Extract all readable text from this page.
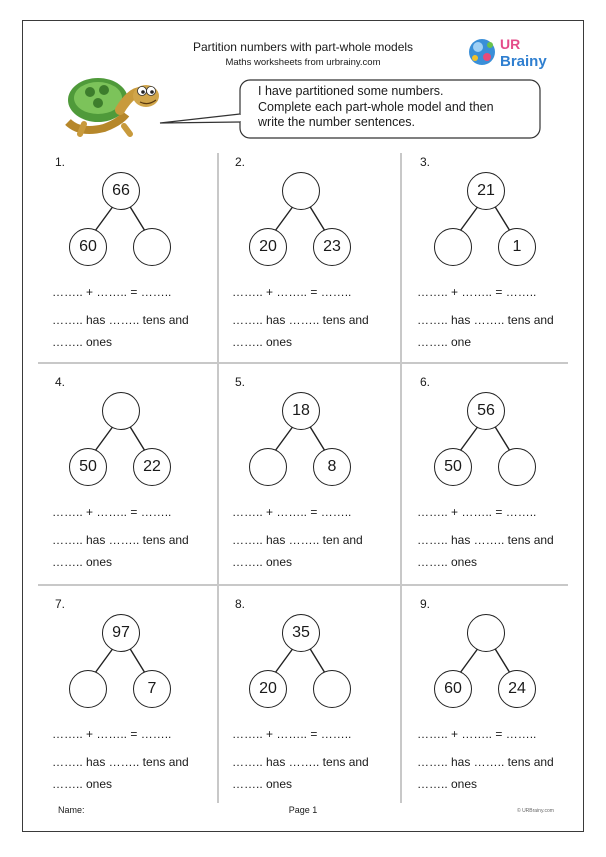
Partition numbers with part-whole models
Maths worksheets from urbrainy.com
UR
Brainy
I have partitioned some numbers.
Complete each part-whole model and then
write the number sentences.
1.
66
60
…….. + …….. = ……..
…….. has …….. tens and
…….. ones
2.
20	23
…….. + …….. = ……..
…….. has …….. tens and
…….. ones
3.
21
1
…….. + …….. = ……..
…….. has …….. tens and
…….. one
4.
50	22
…….. + …….. = ……..
…….. has …….. tens and
…….. ones
5.
18
8
…….. + …….. = ……..
…….. has …….. ten and
…….. ones
6.
56
50
…….. + …….. = ……..
…….. has …….. tens and
…….. ones
7.
97
7
…….. + …….. = ……..
…….. has …….. tens and
…….. ones
8.
35
20
…….. + …….. = ……..
…….. has …….. tens and
…….. ones
9.
60	24
…….. + …….. = ……..
…….. has …….. tens and
…….. ones
Name:	Page 1	© URBrainy.com
